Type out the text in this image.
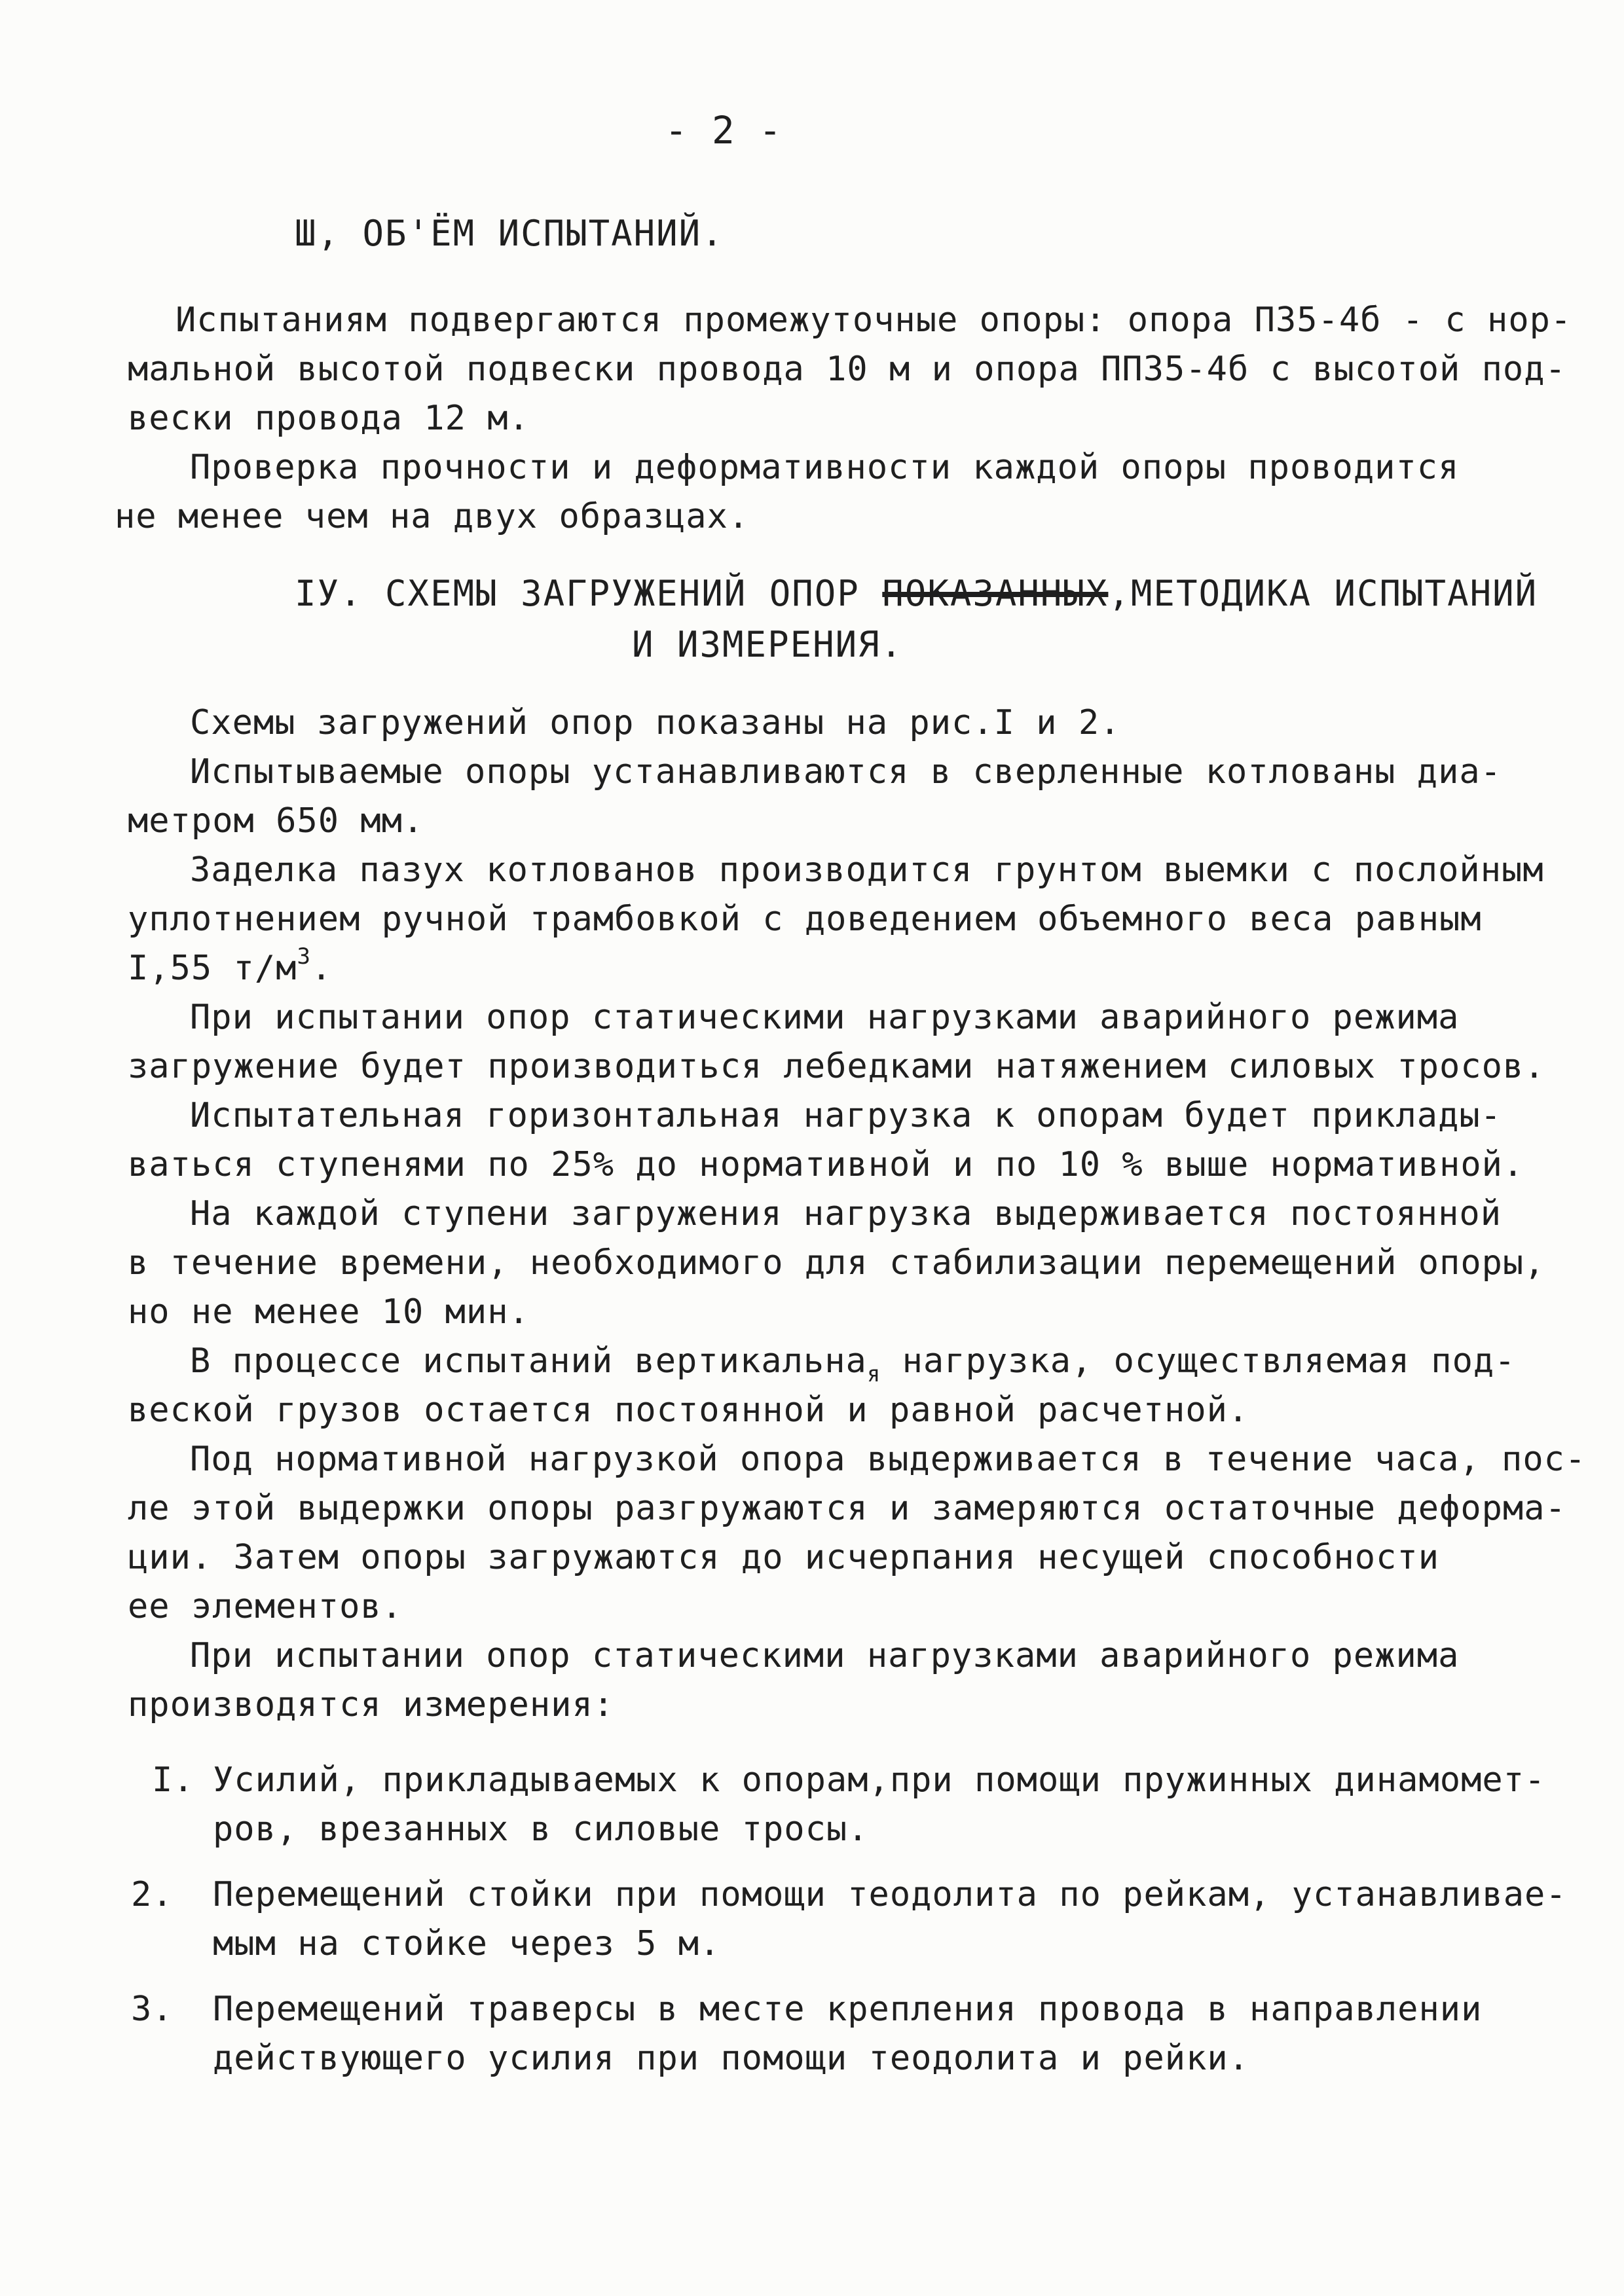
- 2 -
Ш, ОБ'ЁМ ИСПЫТАНИЙ.
Испытаниям подвергаются промежуточные опоры: опора П35-4б - с нор-
мальной высотой подвески провода 10 м и опора ПП35-4б с высотой под-
вески провода 12 м.
Проверка прочности и деформативности каждой опоры проводится
не менее чем на двух образцах.
IУ. СХЕМЫ ЗАГРУЖЕНИЙ ОПОР ПОКАЗАННЫХ,МЕТОДИКА ИСПЫТАНИЙ
И ИЗМЕРЕНИЯ.
Схемы загружений опор показаны на рис.I и 2.
Испытываемые опоры устанавливаются в сверленные котлованы диа-
метром 650 мм.
Заделка пазух котлованов производится грунтом выемки с послойным
уплотнением ручной трамбовкой с доведением объемного веса равным
I,55 $т/м^3$.
При испытании опор статическими нагрузками аварийного режима
загружение будет производиться лебедками натяжением силовых тросов.
Испытательная горизонтальная нагрузка к опорам будет приклады-
ваться ступенями по 25% до нормативной и по 10 % выше нормативной.
На каждой ступени загружения нагрузка выдерживается постоянной
в течение времени, необходимого для стабилизации перемещений опоры,
но не менее 10 мин.
В процессе испытаний вертикальна$_я$ нагрузка, осуществляемая под-
веской грузов остается постоянной и равной расчетной.
Под нормативной нагрузкой опора выдерживается в течение часа, пос-
ле этой выдержки опоры разгружаются и замеряются остаточные деформа-
ции. Затем опоры загружаются до исчерпания несущей способности
ее элементов.
При испытании опор статическими нагрузками аварийного режима
производятся измерения:
I. Усилий, прикладываемых к опорам,при помощи пружинных динамомет-
ров, врезанных в силовые тросы.
2. Перемещений стойки при помощи теодолита по рейкам, устанавливае-
мым на стойке через 5 м.
3. Перемещений траверсы в месте крепления провода в направлении
действующего усилия при помощи теодолита и рейки.
